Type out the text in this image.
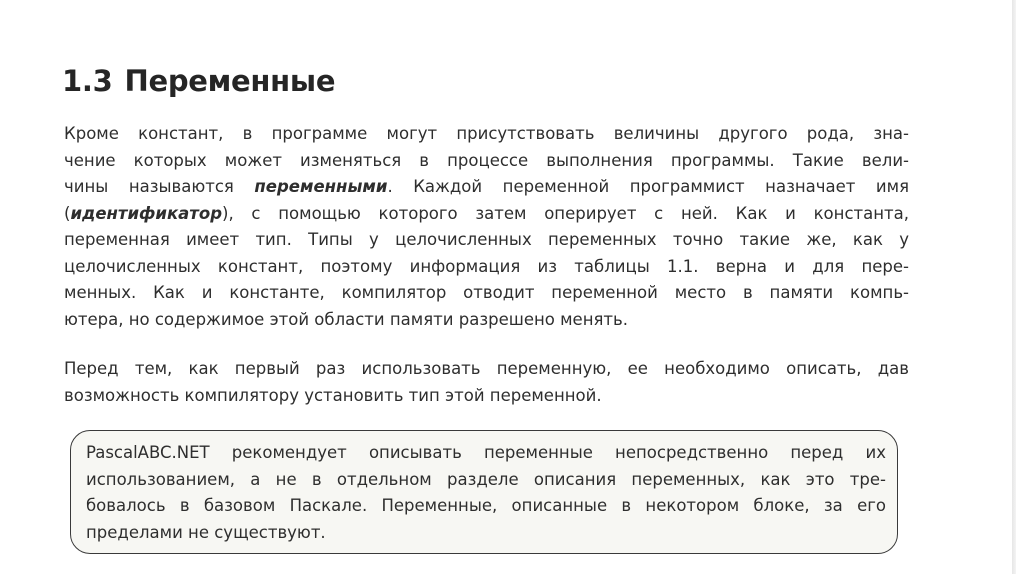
1.3 Переменные
Кроме констант, в программе могут присутствовать величины другого рода, зна-
чение которых может изменяться в процессе выполнения программы. Такие вели-
чины называются переменными. Каждой переменной программист назначает имя
(идентификатор), с помощью которого затем оперирует с ней. Как и константа,
переменная имеет тип. Типы у целочисленных переменных точно такие же, как у
целочисленных констант, поэтому информация из таблицы 1.1. верна и для пере-
менных. Как и константе, компилятор отводит переменной место в памяти компь-
ютера, но содержимое этой области памяти разрешено менять.
Перед тем, как первый раз использовать переменную, ее необходимо описать, дав
возможность компилятору установить тип этой переменной.
PascalABC.NET рекомендует описывать переменные непосредственно перед их
использованием, а не в отдельном разделе описания переменных, как это тре-
бовалось в базовом Паскале. Переменные, описанные в некотором блоке, за его
пределами не существуют.
